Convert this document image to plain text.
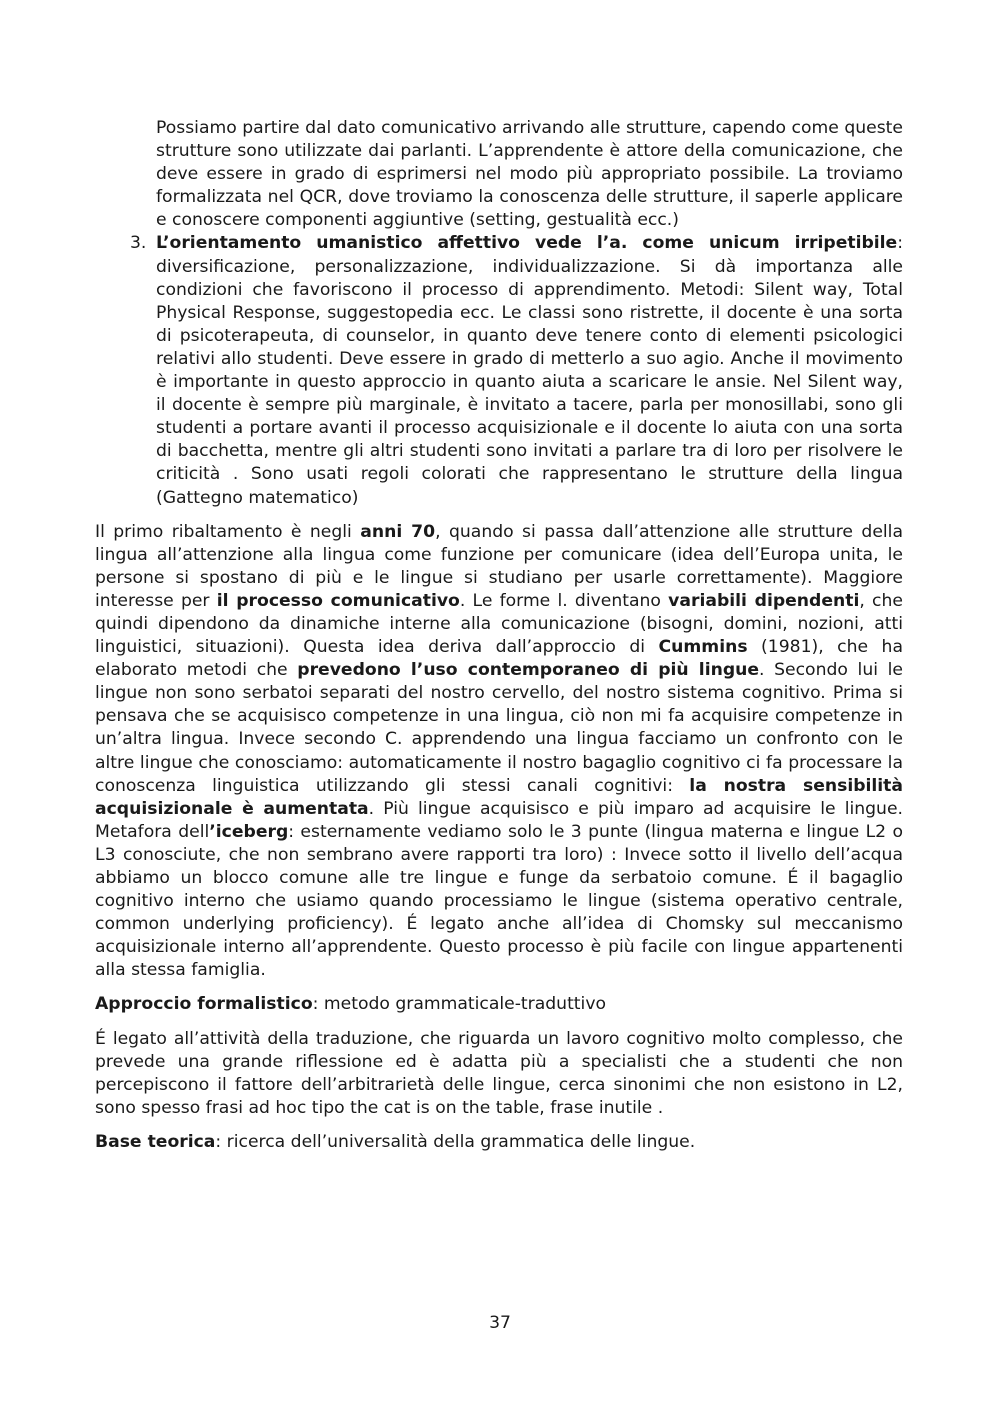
Possiamo partire dal dato comunicativo arrivando alle strutture, capendo come queste strutture sono utilizzate dai parlanti. L’apprendente è attore della comunicazione, che deve essere in grado di esprimersi nel modo più appropriato possibile. La troviamo formalizzata nel QCR, dove troviamo la conoscenza delle strutture, il saperle applicare e conoscere componenti aggiuntive (setting, gestualità ecc.)

3. L’orientamento umanistico affettivo vede l’a. come unicum irripetibile: diversificazione, personalizzazione, individualizzazione. Si dà importanza alle condizioni che favoriscono il processo di apprendimento. Metodi: Silent way, Total Physical Response, suggestopedia ecc. Le classi sono ristrette, il docente è una sorta di psicoterapeuta, di counselor, in quanto deve tenere conto di elementi psicologici relativi allo studenti. Deve essere in grado di metterlo a suo agio. Anche il movimento è importante in questo approccio in quanto aiuta a scaricare le ansie. Nel Silent way, il docente è sempre più marginale, è invitato a tacere, parla per monosillabi, sono gli studenti a portare avanti il processo acquisizionale e il docente lo aiuta con una sorta di bacchetta, mentre gli altri studenti sono invitati a parlare tra di loro per risolvere le criticità . Sono usati regoli colorati che rappresentano le strutture della lingua (Gattegno matematico)

Il primo ribaltamento è negli anni 70, quando si passa dall’attenzione alle strutture della lingua all’attenzione alla lingua come funzione per comunicare (idea dell’Europa unita, le persone si spostano di più e le lingue si studiano per usarle correttamente). Maggiore interesse per il processo comunicativo. Le forme l. diventano variabili dipendenti, che quindi dipendono da dinamiche interne alla comunicazione (bisogni, domini, nozioni, atti linguistici, situazioni). Questa idea deriva dall’approccio di Cummins (1981), che ha elaborato metodi che prevedono l’uso contemporaneo di più lingue. Secondo lui le lingue non sono serbatoi separati del nostro cervello, del nostro sistema cognitivo. Prima si pensava che se acquisisco competenze in una lingua, ciò non mi fa acquisire competenze in un’altra lingua. Invece secondo C. apprendendo una lingua facciamo un confronto con le altre lingue che conosciamo: automaticamente il nostro bagaglio cognitivo ci fa processare la conoscenza linguistica utilizzando gli stessi canali cognitivi: la nostra sensibilità acquisizionale è aumentata. Più lingue acquisisco e più imparo ad acquisire le lingue. Metafora dell’iceberg: esternamente vediamo solo le 3 punte (lingua materna e lingue L2 o L3 conosciute, che non sembrano avere rapporti tra loro) : Invece sotto il livello dell’acqua abbiamo un blocco comune alle tre lingue e funge da serbatoio comune. É il bagaglio cognitivo interno che usiamo quando processiamo le lingue (sistema operativo centrale, common underlying proficiency). É legato anche all’idea di Chomsky sul meccanismo acquisizionale interno all’apprendente. Questo processo è più facile con lingue appartenenti alla stessa famiglia.

Approccio formalistico: metodo grammaticale-traduttivo

É legato all’attività della traduzione, che riguarda un lavoro cognitivo molto complesso, che prevede una grande riflessione ed è adatta più a specialisti che a studenti che non percepiscono il fattore dell’arbitrarietà delle lingue, cerca sinonimi che non esistono in L2, sono spesso frasi ad hoc tipo the cat is on the table, frase inutile .

Base teorica: ricerca dell’universalità della grammatica delle lingue.

37
